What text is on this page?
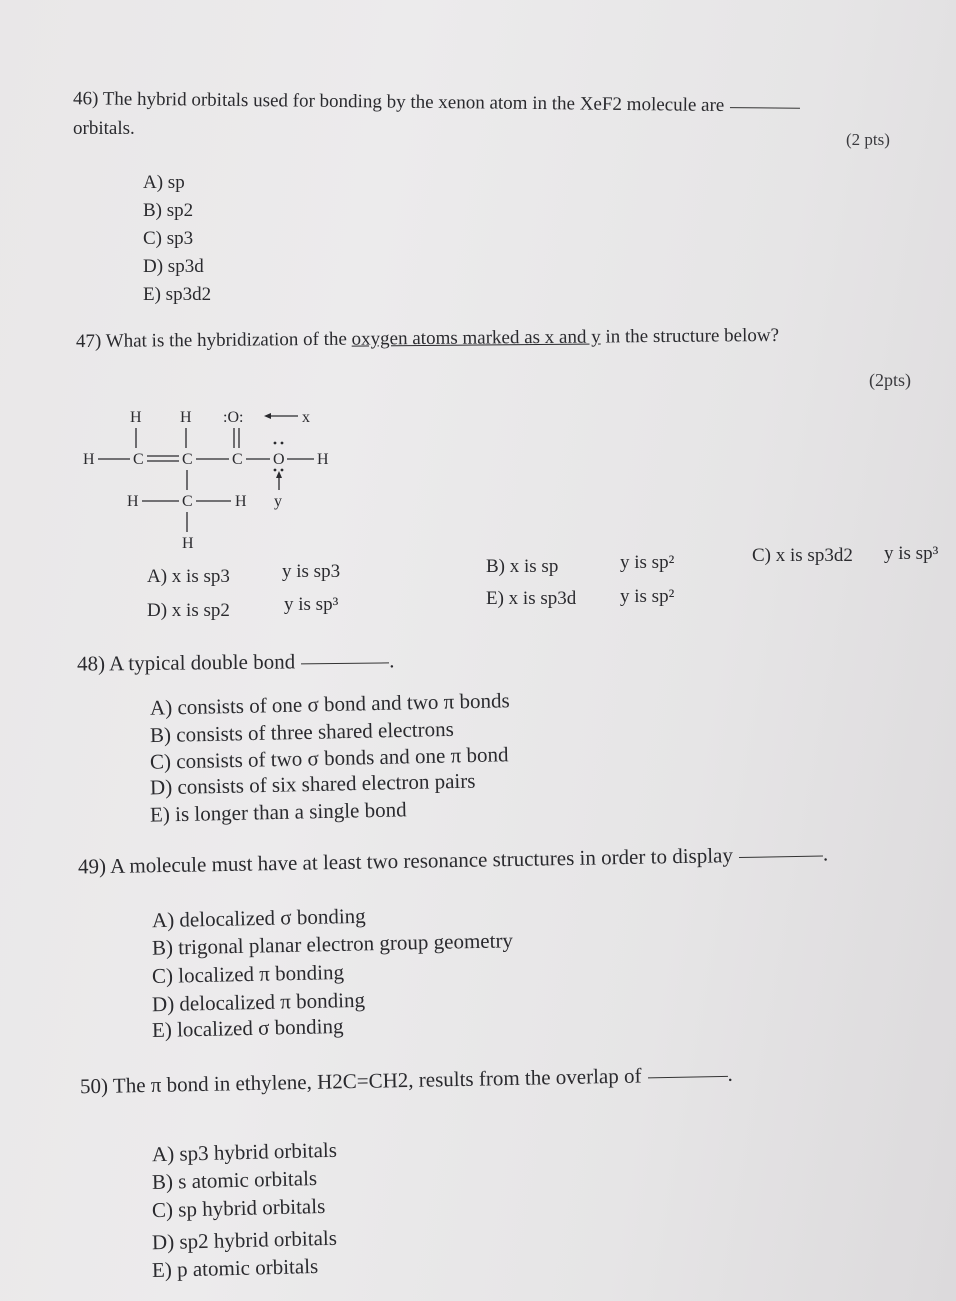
46) The hybrid orbitals used for bonding by the xenon atom in the XeF2 molecule are
orbitals.
(2 pts)
A) sp
B) sp2
C) sp3
D) sp3d
E) sp3d2
47) What is the hybridization of the oxygen atoms marked as x and y in the structure below?
(2pts)
H H :O:	x
H C C C O H
H	C	H y
H
A) x is sp3	y is sp3	B) x is sp	y is sp²	C) x is sp3d2 y is sp³
D) x is sp2	y is sp³	E) x is sp3d y is sp²
48) A typical double bond	.
A) consists of one σ bond and two π bonds
B) consists of three shared electrons
C) consists of two σ bonds and one π bond
D) consists of six shared electron pairs
E) is longer than a single bond
49) A molecule must have at least two resonance structures in order to display	.
A) delocalized σ bonding
B) trigonal planar electron group geometry
C) localized π bonding
D) delocalized π bonding
E) localized σ bonding
50) The π bond in ethylene, H2C=CH2, results from the overlap of	.
A) sp3 hybrid orbitals
B) s atomic orbitals
C) sp hybrid orbitals
D) sp2 hybrid orbitals
E) p atomic orbitals
